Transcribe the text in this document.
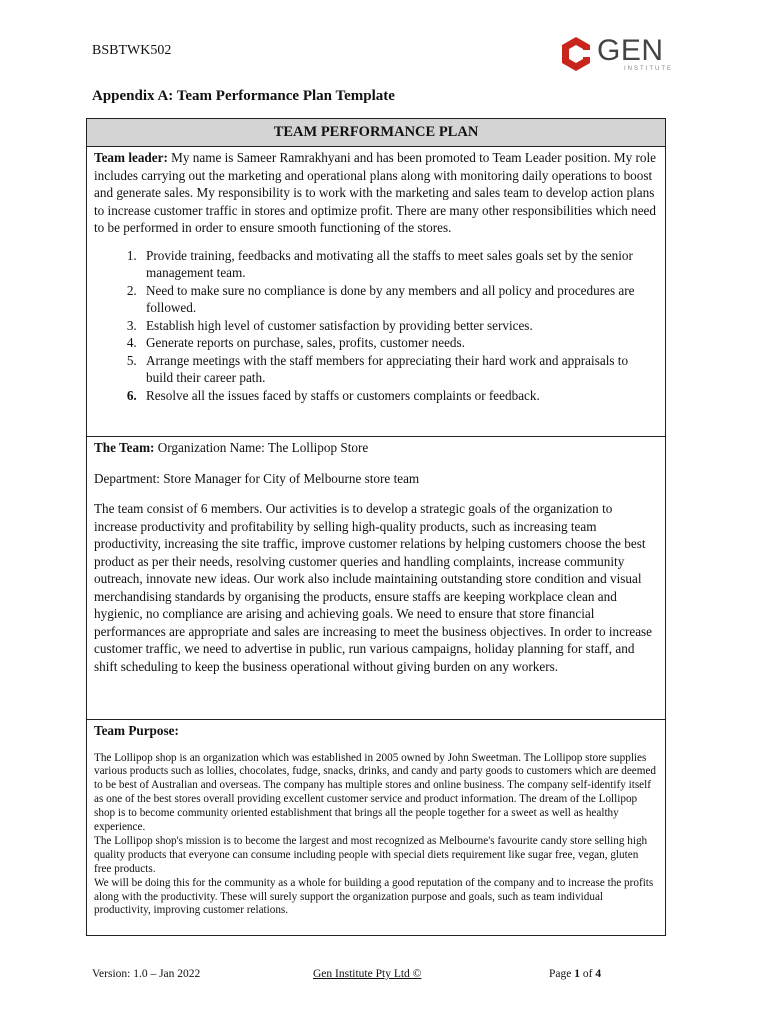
BSBTWK502	GEN
INSTITUTE
Appendix A: Team Performance Plan Template
TEAM PERFORMANCE PLAN

Team leader: My name is Sameer Ramrakhyani and has been promoted to Team Leader position. My role includes carrying out the marketing and operational plans along with monitoring daily operations to boost and generate sales. My responsibility is to work with the marketing and sales team to develop action plans to increase customer traffic in stores and optimize profit. There are many other responsibilities which need to be performed in order to ensure smooth functioning of the stores.

1. Provide training, feedbacks and motivating all the staffs to meet sales goals set by the senior management team.
2. Need to make sure no compliance is done by any members and all policy and procedures are followed.
3. Establish high level of customer satisfaction by providing better services.
4. Generate reports on purchase, sales, profits, customer needs.
5. Arrange meetings with the staff members for appreciating their hard work and appraisals to build their career path.
6. Resolve all the issues faced by staffs or customers complaints or feedback.

The Team: Organization Name: The Lollipop Store

Department: Store Manager for City of Melbourne store team

The team consist of 6 members. Our activities is to develop a strategic goals of the organization to increase productivity and profitability by selling high-quality products, such as increasing team productivity, increasing the site traffic, improve customer relations by helping customers choose the best product as per their needs, resolving customer queries and handling complaints, increase community outreach, innovate new ideas. Our work also include maintaining outstanding store condition and visual merchandising standards by organising the products, ensure staffs are keeping workplace clean and hygienic, no compliance are arising and achieving goals. We need to ensure that store financial performances are appropriate and sales are increasing to meet the business objectives. In order to increase customer traffic, we need to advertise in public, run various campaigns, holiday planning for staff, and shift scheduling to keep the business operational without giving burden on any workers.

Team Purpose:

The Lollipop shop is an organization which was established in 2005 owned by John Sweetman. The Lollipop store supplies various products such as lollies, chocolates, fudge, snacks, drinks, and candy and party goods to customers which are deemed to be best of Australian and overseas. The company has multiple stores and online business. The company self-identify itself as one of the best stores overall providing excellent customer service and product information. The dream of the Lollipop shop is to become community oriented establishment that brings all the people together for a sweet as well as healthy experience.

The Lollipop shop's mission is to become the largest and most recognized as Melbourne's favourite candy store selling high quality products that everyone can consume including people with special diets requirement like sugar free, vegan, gluten free products.

We will be doing this for the community as a whole for building a good reputation of the company and to increase the profits along with the productivity. These will surely support the organization purpose and goals, such as team individual productivity, improving customer relations.

Version: 1.0 – Jan 2022	Gen Institute Pty Ltd ©	Page 1 of 4
